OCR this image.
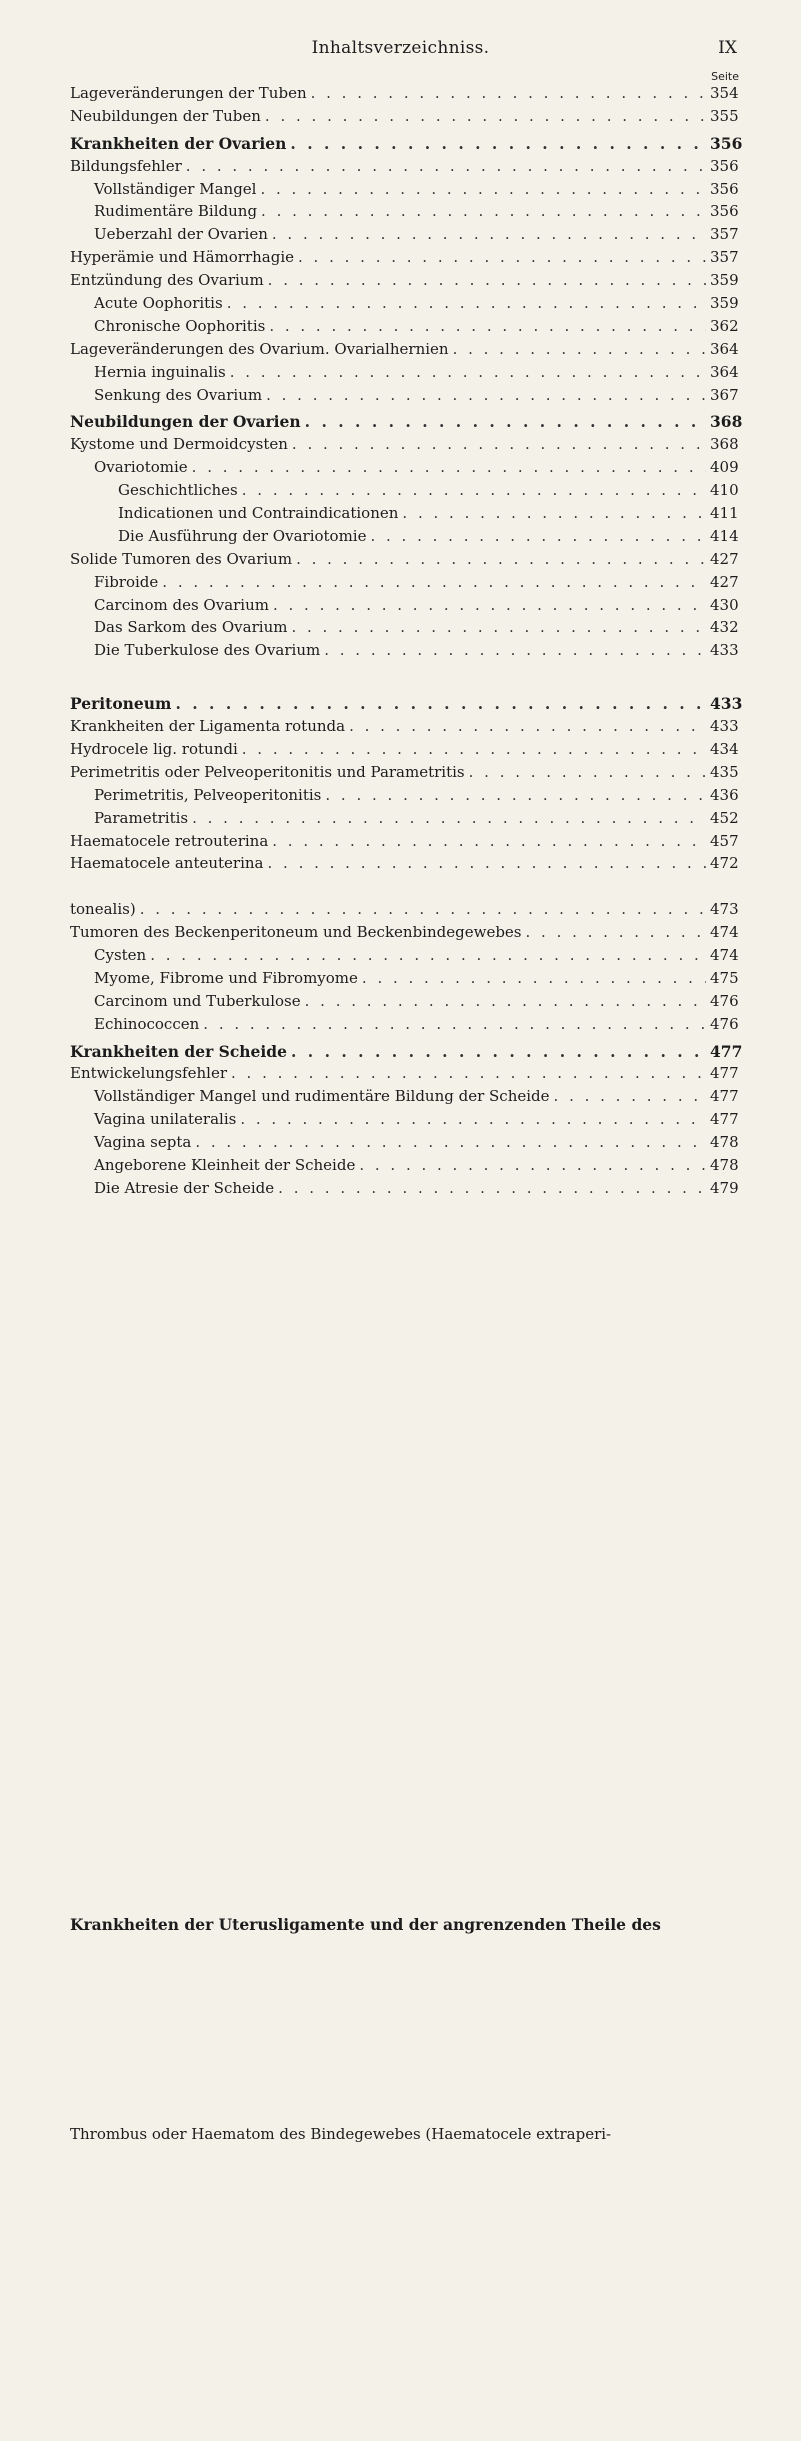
Inhaltsverzeichniss.	IX
Seite
Lageveränderungen der Tuben . . .	354
Neubildungen der Tuben . . .	355
Krankheiten der Ovarien . . .	356
Bildungsfehler . . .	356
Vollständiger Mangel . . .	356
Rudimentäre Bildung . . .	356
Ueberzahl der Ovarien . . .	357
Hyperämie und Hämorrhagie . . .	357
Entzündung des Ovarium . . .	359
Acute Oophoritis . . .	359
Chronische Oophoritis . . .	362
Lageveränderungen des Ovarium. Ovarialhernien . . .	364
Hernia inguinalis . . .	364
Senkung des Ovarium . . .	367
Neubildungen der Ovarien . . .	368
Kystome und Dermoidcysten . . .	368
Ovariotomie . . .	409
Geschichtliches . . .	410
Indicationen und Contraindicationen . . .	411
Die Ausführung der Ovariotomie . . .	414
Solide Tumoren des Ovarium . . .	427
Fibroide . . .	427
Carcinom des Ovarium . . .	430
Das Sarkom des Ovarium . . .	432
Die Tuberkulose des Ovarium . . .	433
Krankheiten der Uterusligamente und der angrenzenden Theile des
Peritoneum . . .	433
Krankheiten der Ligamenta rotunda . . .	433
Hydrocele lig. rotundi . . .	434
Perimetritis oder Pelveoperitonitis und Parametritis . . .	435
Perimetritis, Pelveoperitonitis . . .	436
Parametritis . . .	452
Haematocele retrouterina . . .	457
Haematocele anteuterina . . .	472
Thrombus oder Haematom des Bindegewebes (Haematocele extraperi-
tonealis) . . .	473
Tumoren des Beckenperitoneum und Beckenbindegewebes . . .	474
Cysten . . .	474
Myome, Fibrome und Fibromyome . . .	475
Carcinom und Tuberkulose . . .	476
Echinococcen . . .	476
Krankheiten der Scheide . . .	477
Entwickelungsfehler . . .	477
Vollständiger Mangel und rudimentäre Bildung der Scheide . . .	477
Vagina unilateralis . . .	477
Vagina septa . . .	478
Angeborene Kleinheit der Scheide . . .	478
Die Atresie der Scheide . . .	479
